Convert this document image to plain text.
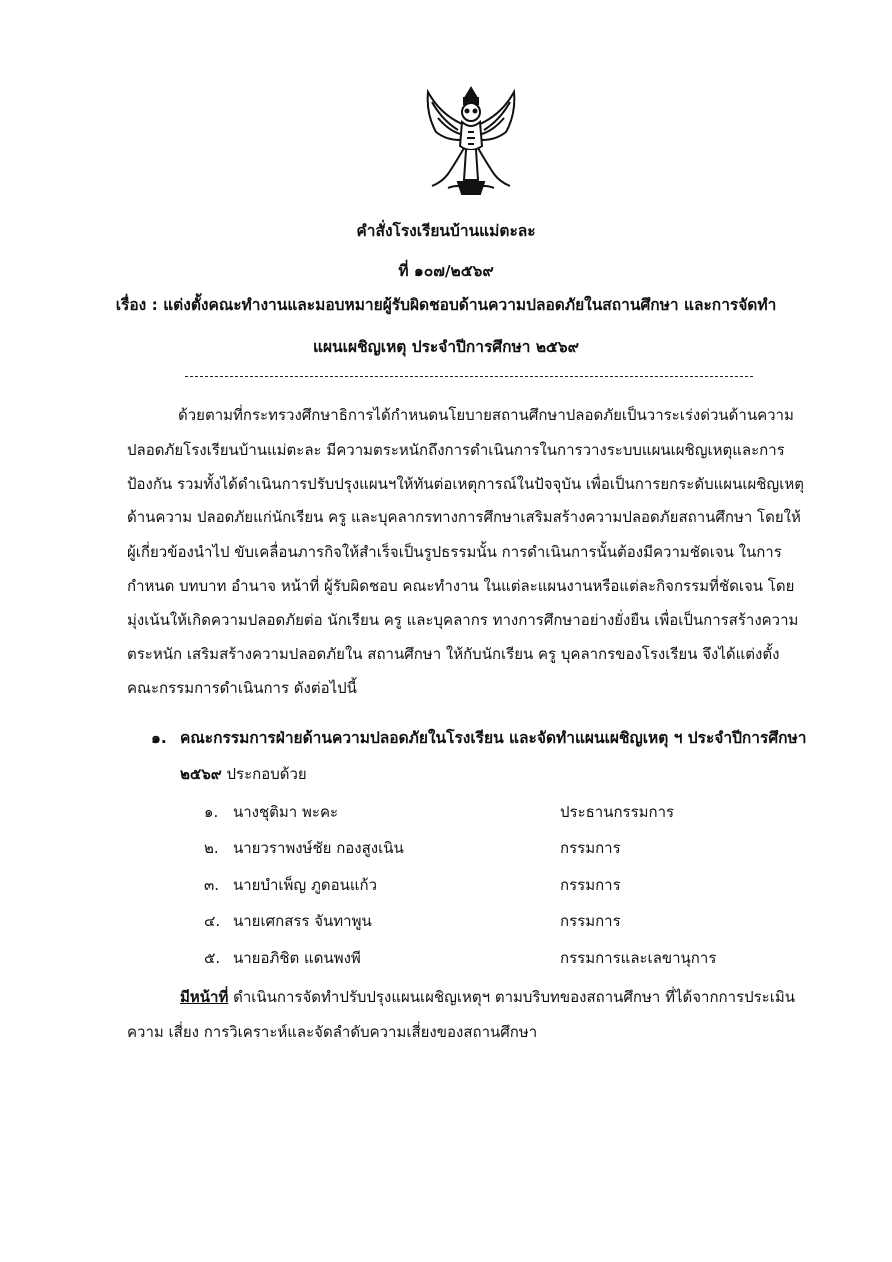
คำสั่งโรงเรียนบ้านแม่ตะละ
ที่ ๑๐๗/๒๕๖๙
เรื่อง : แต่งตั้งคณะทำงานและมอบหมายผู้รับผิดชอบด้านความปลอดภัยในสถานศึกษา และการจัดทำ
แผนเผชิญเหตุ ประจำปีการศึกษา ๒๕๖๙
ด้วยตามที่กระทรวงศึกษาธิการได้กำหนดนโยบายสถานศึกษาปลอดภัยเป็นวาระเร่งด่วนด้านความ
ปลอดภัยโรงเรียนบ้านแม่ตะละ มีความตระหนักถึงการดำเนินการในการวางระบบแผนเผชิญเหตุและการ
ป้องกัน รวมทั้งได้ดำเนินการปรับปรุงแผนฯให้ทันต่อเหตุการณ์ในปัจจุบัน เพื่อเป็นการยกระดับแผนเผชิญเหตุ
ด้านความ ปลอดภัยแก่นักเรียน ครู และบุคลากรทางการศึกษาเสริมสร้างความปลอดภัยสถานศึกษา โดยให้
ผู้เกี่ยวข้องนำไป ขับเคลื่อนภารกิจให้สำเร็จเป็นรูปธรรมนั้น การดำเนินการนั้นต้องมีความชัดเจน ในการ
กำหนด บทบาท อำนาจ หน้าที่ ผู้รับผิดชอบ คณะทำงาน ในแต่ละแผนงานหรือแต่ละกิจกรรมที่ชัดเจน โดย
มุ่งเน้นให้เกิดความปลอดภัยต่อ นักเรียน ครู และบุคลากร ทางการศึกษาอย่างยั่งยืน เพื่อเป็นการสร้างความ
ตระหนัก เสริมสร้างความปลอดภัยใน สถานศึกษา ให้กับนักเรียน ครู บุคลากรของโรงเรียน จึงได้แต่งตั้ง
คณะกรรมการดำเนินการ ดังต่อไปนี้
๑. คณะกรรมการฝ่ายด้านความปลอดภัยในโรงเรียน และจัดทำแผนเผชิญเหตุ ฯ ประจำปีการศึกษา
๒๕๖๙ ประกอบด้วย
๑. นางชุติมา พะคะ	ประธานกรรมการ
๒. นายวราพงษ์ชัย กองสูงเนิน	กรรมการ
๓. นายบำเพ็ญ ภูดอนแก้ว	กรรมการ
๔. นายเศกสรร จันทาพูน	กรรมการ
๕. นายอภิชิต แดนพงพี	กรรมการและเลขานุการ
มีหน้าที่ ดำเนินการจัดทำปรับปรุงแผนเผชิญเหตุฯ ตามบริบทของสถานศึกษา ที่ได้จากการประเมิน
ความ เสี่ยง การวิเคราะห์และจัดลำดับความเสี่ยงของสถานศึกษา
